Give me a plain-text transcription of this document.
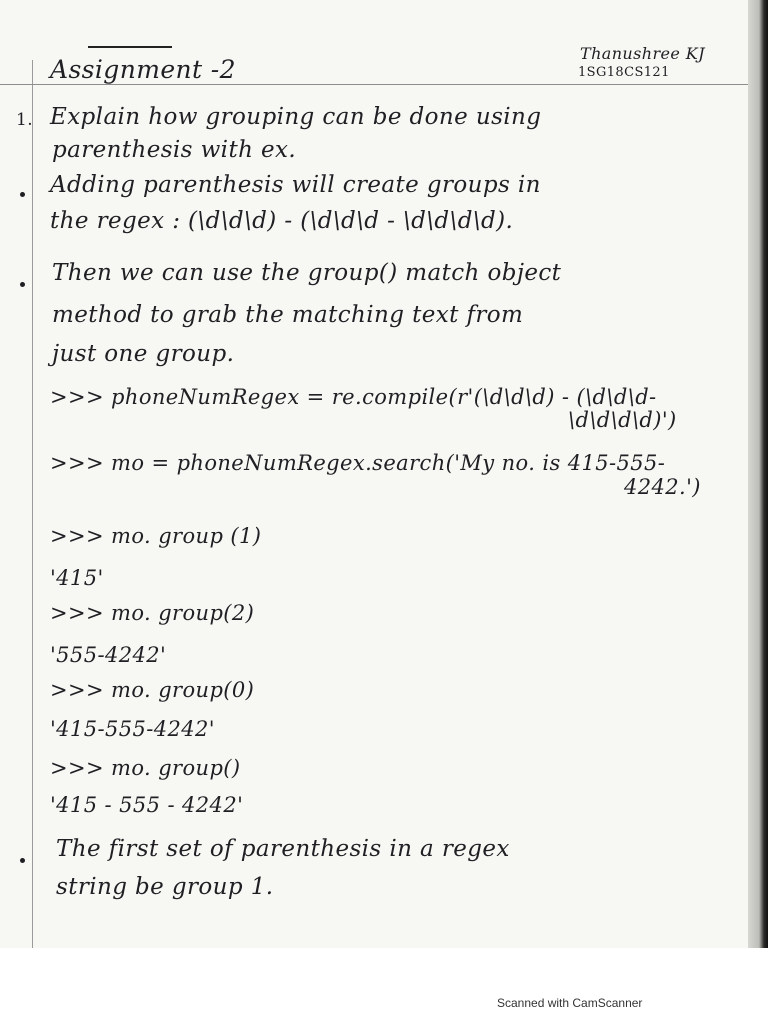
Assignment -2
Thanushree KJ
1SG18CS121
1. Explain how grouping can be done using
parenthesis with ex.
Adding parenthesis will create groups in
the regex : (\d\d\d) - (\d\d\d - \d\d\d\d).
Then we can use the group() match object
method to grab the matching text from
just one group.
>>> phoneNumRegex = re.compile(r'(\d\d\d) - (\d\d\d-
\d\d\d\d)')
>>> mo = phoneNumRegex.search('My no. is 415-555-
4242.')
>>> mo. group (1)
'415'
>>> mo. group(2)
'555-4242'
>>> mo. group(0)
'415-555-4242'
>>> mo. group()
'415 - 555 - 4242'
The first set of parenthesis in a regex
string be group 1.
Scanned with CamScanner
